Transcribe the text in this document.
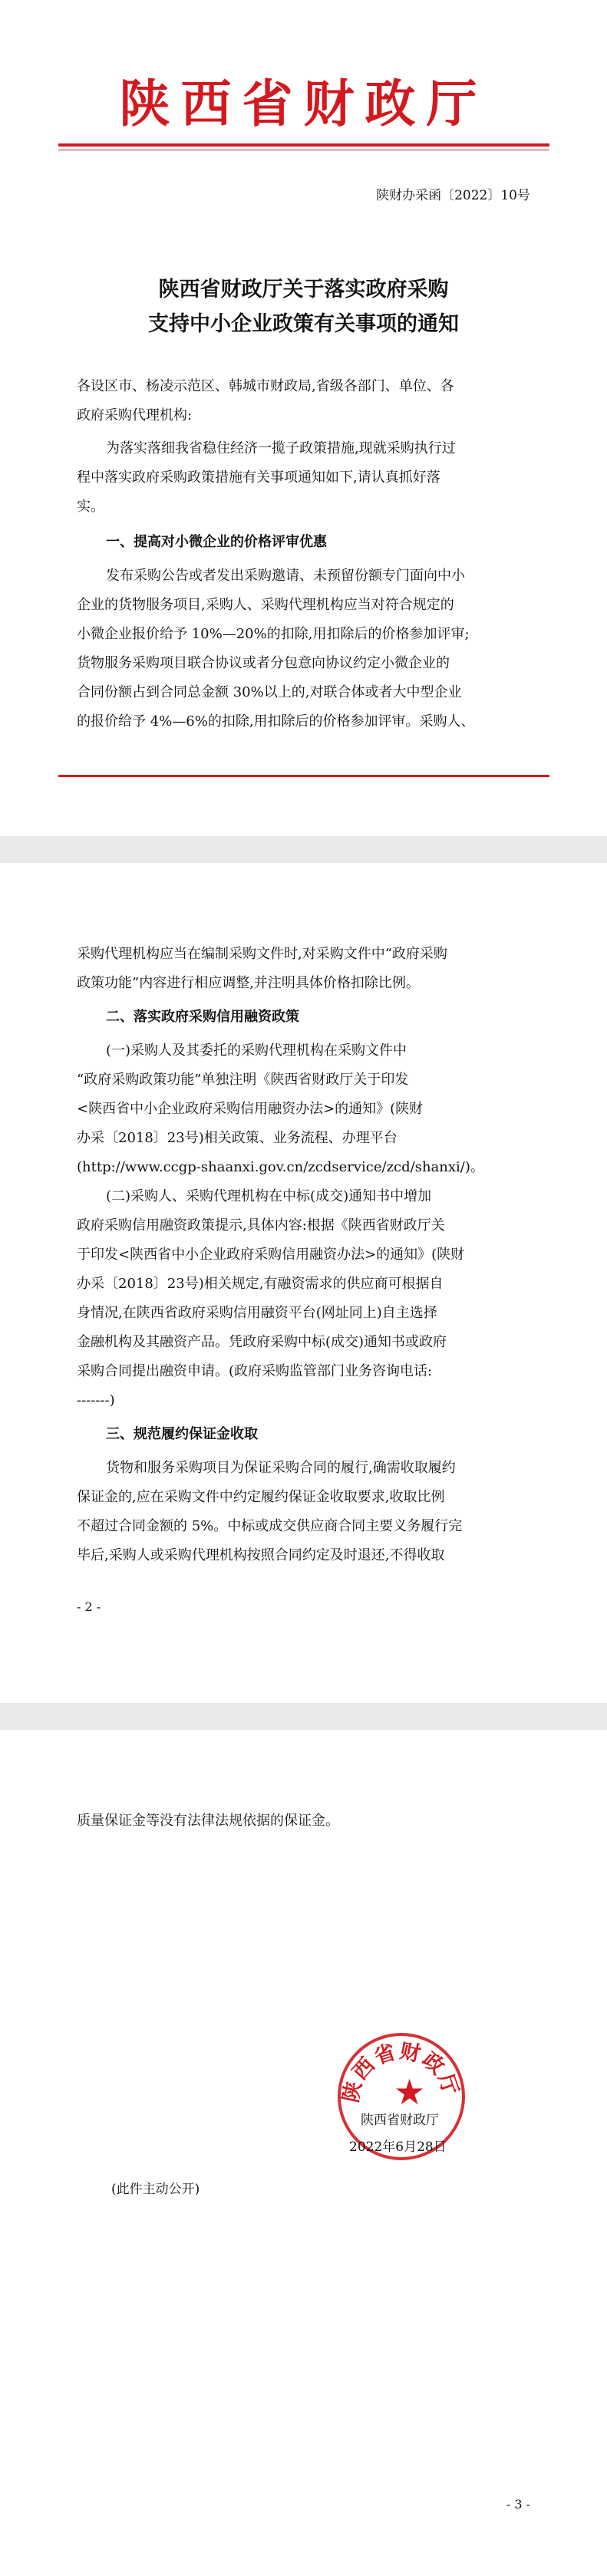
陕西省财政厅
陕财办采函〔2022〕10号
陕西省财政厅关于落实政府采购
支持中小企业政策有关事项的通知
各设区市、杨凌示范区、韩城市财政局,省级各部门、单位、各
政府采购代理机构:
为落实落细我省稳住经济一揽子政策措施,现就采购执行过
程中落实政府采购政策措施有关事项通知如下,请认真抓好落
实。
一、提高对小微企业的价格评审优惠
发布采购公告或者发出采购邀请、未预留份额专门面向中小
企业的货物服务项目,采购人、采购代理机构应当对符合规定的
小微企业报价给予 10%—20%的扣除,用扣除后的价格参加评审;
货物服务采购项目联合协议或者分包意向协议约定小微企业的
合同份额占到合同总金额 30%以上的,对联合体或者大中型企业
的报价给予 4%—6%的扣除,用扣除后的价格参加评审。采购人、
采购代理机构应当在编制采购文件时,对采购文件中“政府采购
政策功能”内容进行相应调整,并注明具体价格扣除比例。
二、落实政府采购信用融资政策
(一)采购人及其委托的采购代理机构在采购文件中
“政府采购政策功能”单独注明《陕西省财政厅关于印发
<陕西省中小企业政府采购信用融资办法>的通知》(陕财
办采〔2018〕23号)相关政策、业务流程、办理平台
(http://www.ccgp-shaanxi.gov.cn/zcdservice/zcd/shanxi/)。
(二)采购人、采购代理机构在中标(成交)通知书中增加
政府采购信用融资政策提示,具体内容:根据《陕西省财政厅关
于印发<陕西省中小企业政府采购信用融资办法>的通知》(陕财
办采〔2018〕23号)相关规定,有融资需求的供应商可根据自
身情况,在陕西省政府采购信用融资平台(网址同上)自主选择
金融机构及其融资产品。凭政府采购中标(成交)通知书或政府
采购合同提出融资申请。(政府采购监管部门业务咨询电话:
-------)
三、规范履约保证金收取
货物和服务采购项目为保证采购合同的履行,确需收取履约
保证金的,应在采购文件中约定履约保证金收取要求,收取比例
不超过合同金额的 5%。中标或成交供应商合同主要义务履行完
毕后,采购人或采购代理机构按照合同约定及时退还,不得收取
- 2 -
质量保证金等没有法律法规依据的保证金。
- 3 -
陕西省财政厅
★
陕西省财政厅
2022年6月28日
(此件主动公开)
